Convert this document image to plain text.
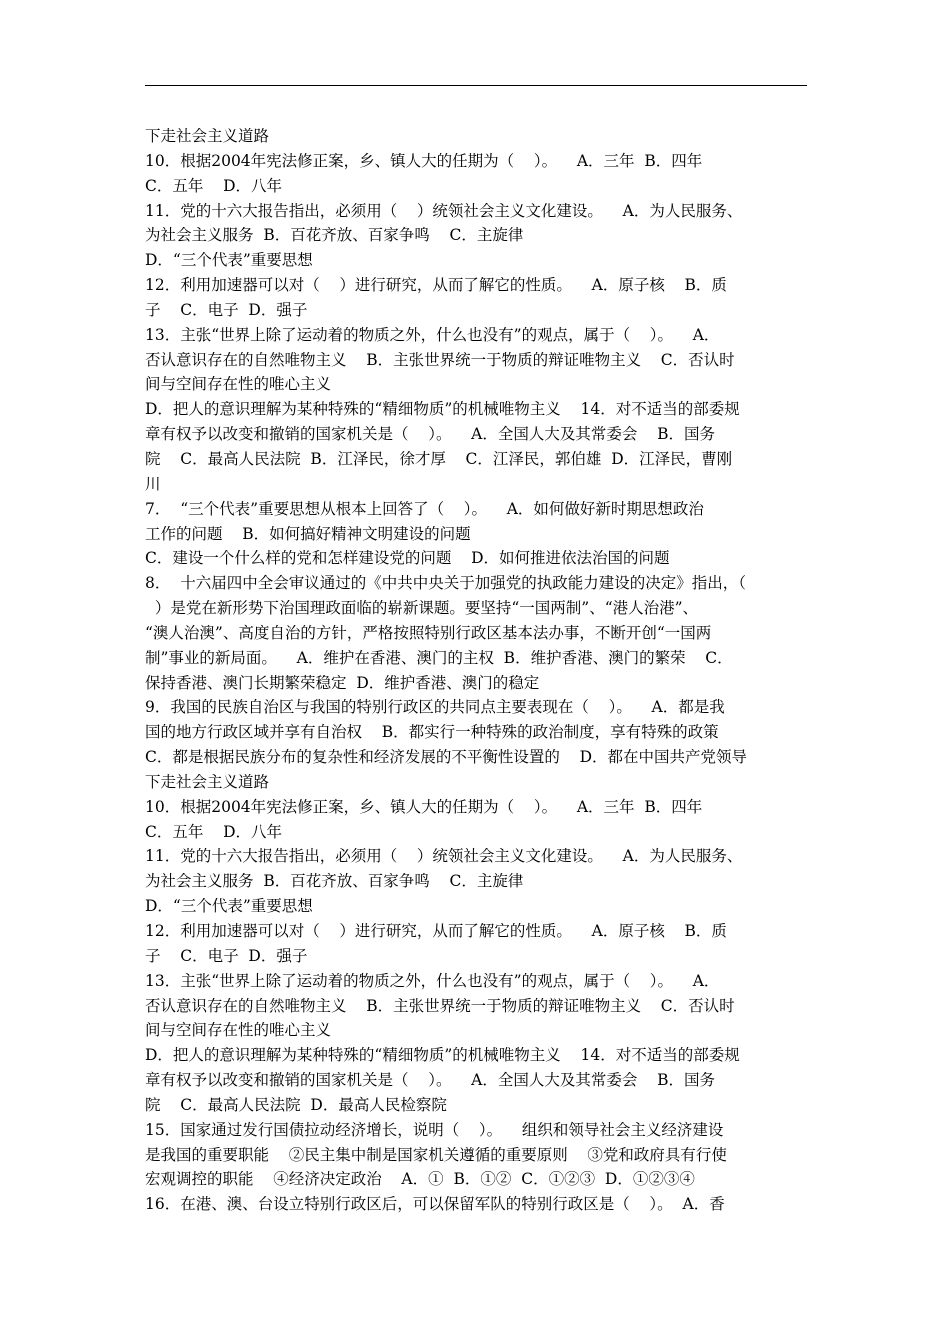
下走社会主义道路
10．根据2004年宪法修正案，乡、镇人大的任期为（    ）。    A．三年  B．四年
C．五年    D．八年
11．党的十六大报告指出，必须用（    ）统领社会主义文化建设。    A．为人民服务、
为社会主义服务  B．百花齐放、百家争鸣    C．主旋律
D．“三个代表”重要思想
12．利用加速器可以对（    ）进行研究，从而了解它的性质。    A．原子核    B．质
子    C．电子  D．强子
13．主张“世界上除了运动着的物质之外，什么也没有”的观点，属于（    ）。    A．
否认意识存在的自然唯物主义    B．主张世界统一于物质的辩证唯物主义    C．否认时
间与空间存在性的唯心主义
D．把人的意识理解为某种特殊的“精细物质”的机械唯物主义    14．对不适当的部委规
章有权予以改变和撤销的国家机关是（    ）。    A．全国人大及其常委会    B．国务
院    C．最高人民法院  B．江泽民，徐才厚    C．江泽民，郭伯雄  D．江泽民，曹刚
川
7．  “三个代表”重要思想从根本上回答了（    ）。    A．如何做好新时期思想政治
工作的问题    B．如何搞好精神文明建设的问题
C．建设一个什么样的党和怎样建设党的问题    D．如何推进依法治国的问题
8．  十六届四中全会审议通过的《中共中央关于加强党的执政能力建设的决定》指出，（
）是党在新形势下治国理政面临的崭新课题。要坚持“一国两制”、“港人治港”、
“澳人治澳”、高度自治的方针，严格按照特别行政区基本法办事，不断开创“一国两
制”事业的新局面。    A．维护在香港、澳门的主权  B．维护香港、澳门的繁荣    C．
保持香港、澳门长期繁荣稳定  D．维护香港、澳门的稳定
9．我国的民族自治区与我国的特别行政区的共同点主要表现在（    ）。    A．都是我
国的地方行政区域并享有自治权    B．都实行一种特殊的政治制度，享有特殊的政策
C．都是根据民族分布的复杂性和经济发展的不平衡性设置的    D．都在中国共产党领导
下走社会主义道路
10．根据2004年宪法修正案，乡、镇人大的任期为（    ）。    A．三年  B．四年
C．五年    D．八年
11．党的十六大报告指出，必须用（    ）统领社会主义文化建设。    A．为人民服务、
为社会主义服务  B．百花齐放、百家争鸣    C．主旋律
D．“三个代表”重要思想
12．利用加速器可以对（    ）进行研究，从而了解它的性质。    A．原子核    B．质
子    C．电子  D．强子
13．主张“世界上除了运动着的物质之外，什么也没有”的观点，属于（    ）。    A．
否认意识存在的自然唯物主义    B．主张世界统一于物质的辩证唯物主义    C．否认时
间与空间存在性的唯心主义
D．把人的意识理解为某种特殊的“精细物质”的机械唯物主义    14．对不适当的部委规
章有权予以改变和撤销的国家机关是（    ）。    A．全国人大及其常委会    B．国务
院    C．最高人民法院  D．最高人民检察院
15．国家通过发行国债拉动经济增长，说明（    ）。    组织和领导社会主义经济建设
是我国的重要职能    ②民主集中制是国家机关遵循的重要原则    ③党和政府具有行使
宏观调控的职能    ④经济决定政治    A．①  B．①②  C．①②③  D．①②③④
16．在港、澳、台设立特别行政区后，可以保留军队的特别行政区是（    ）。  A．香
